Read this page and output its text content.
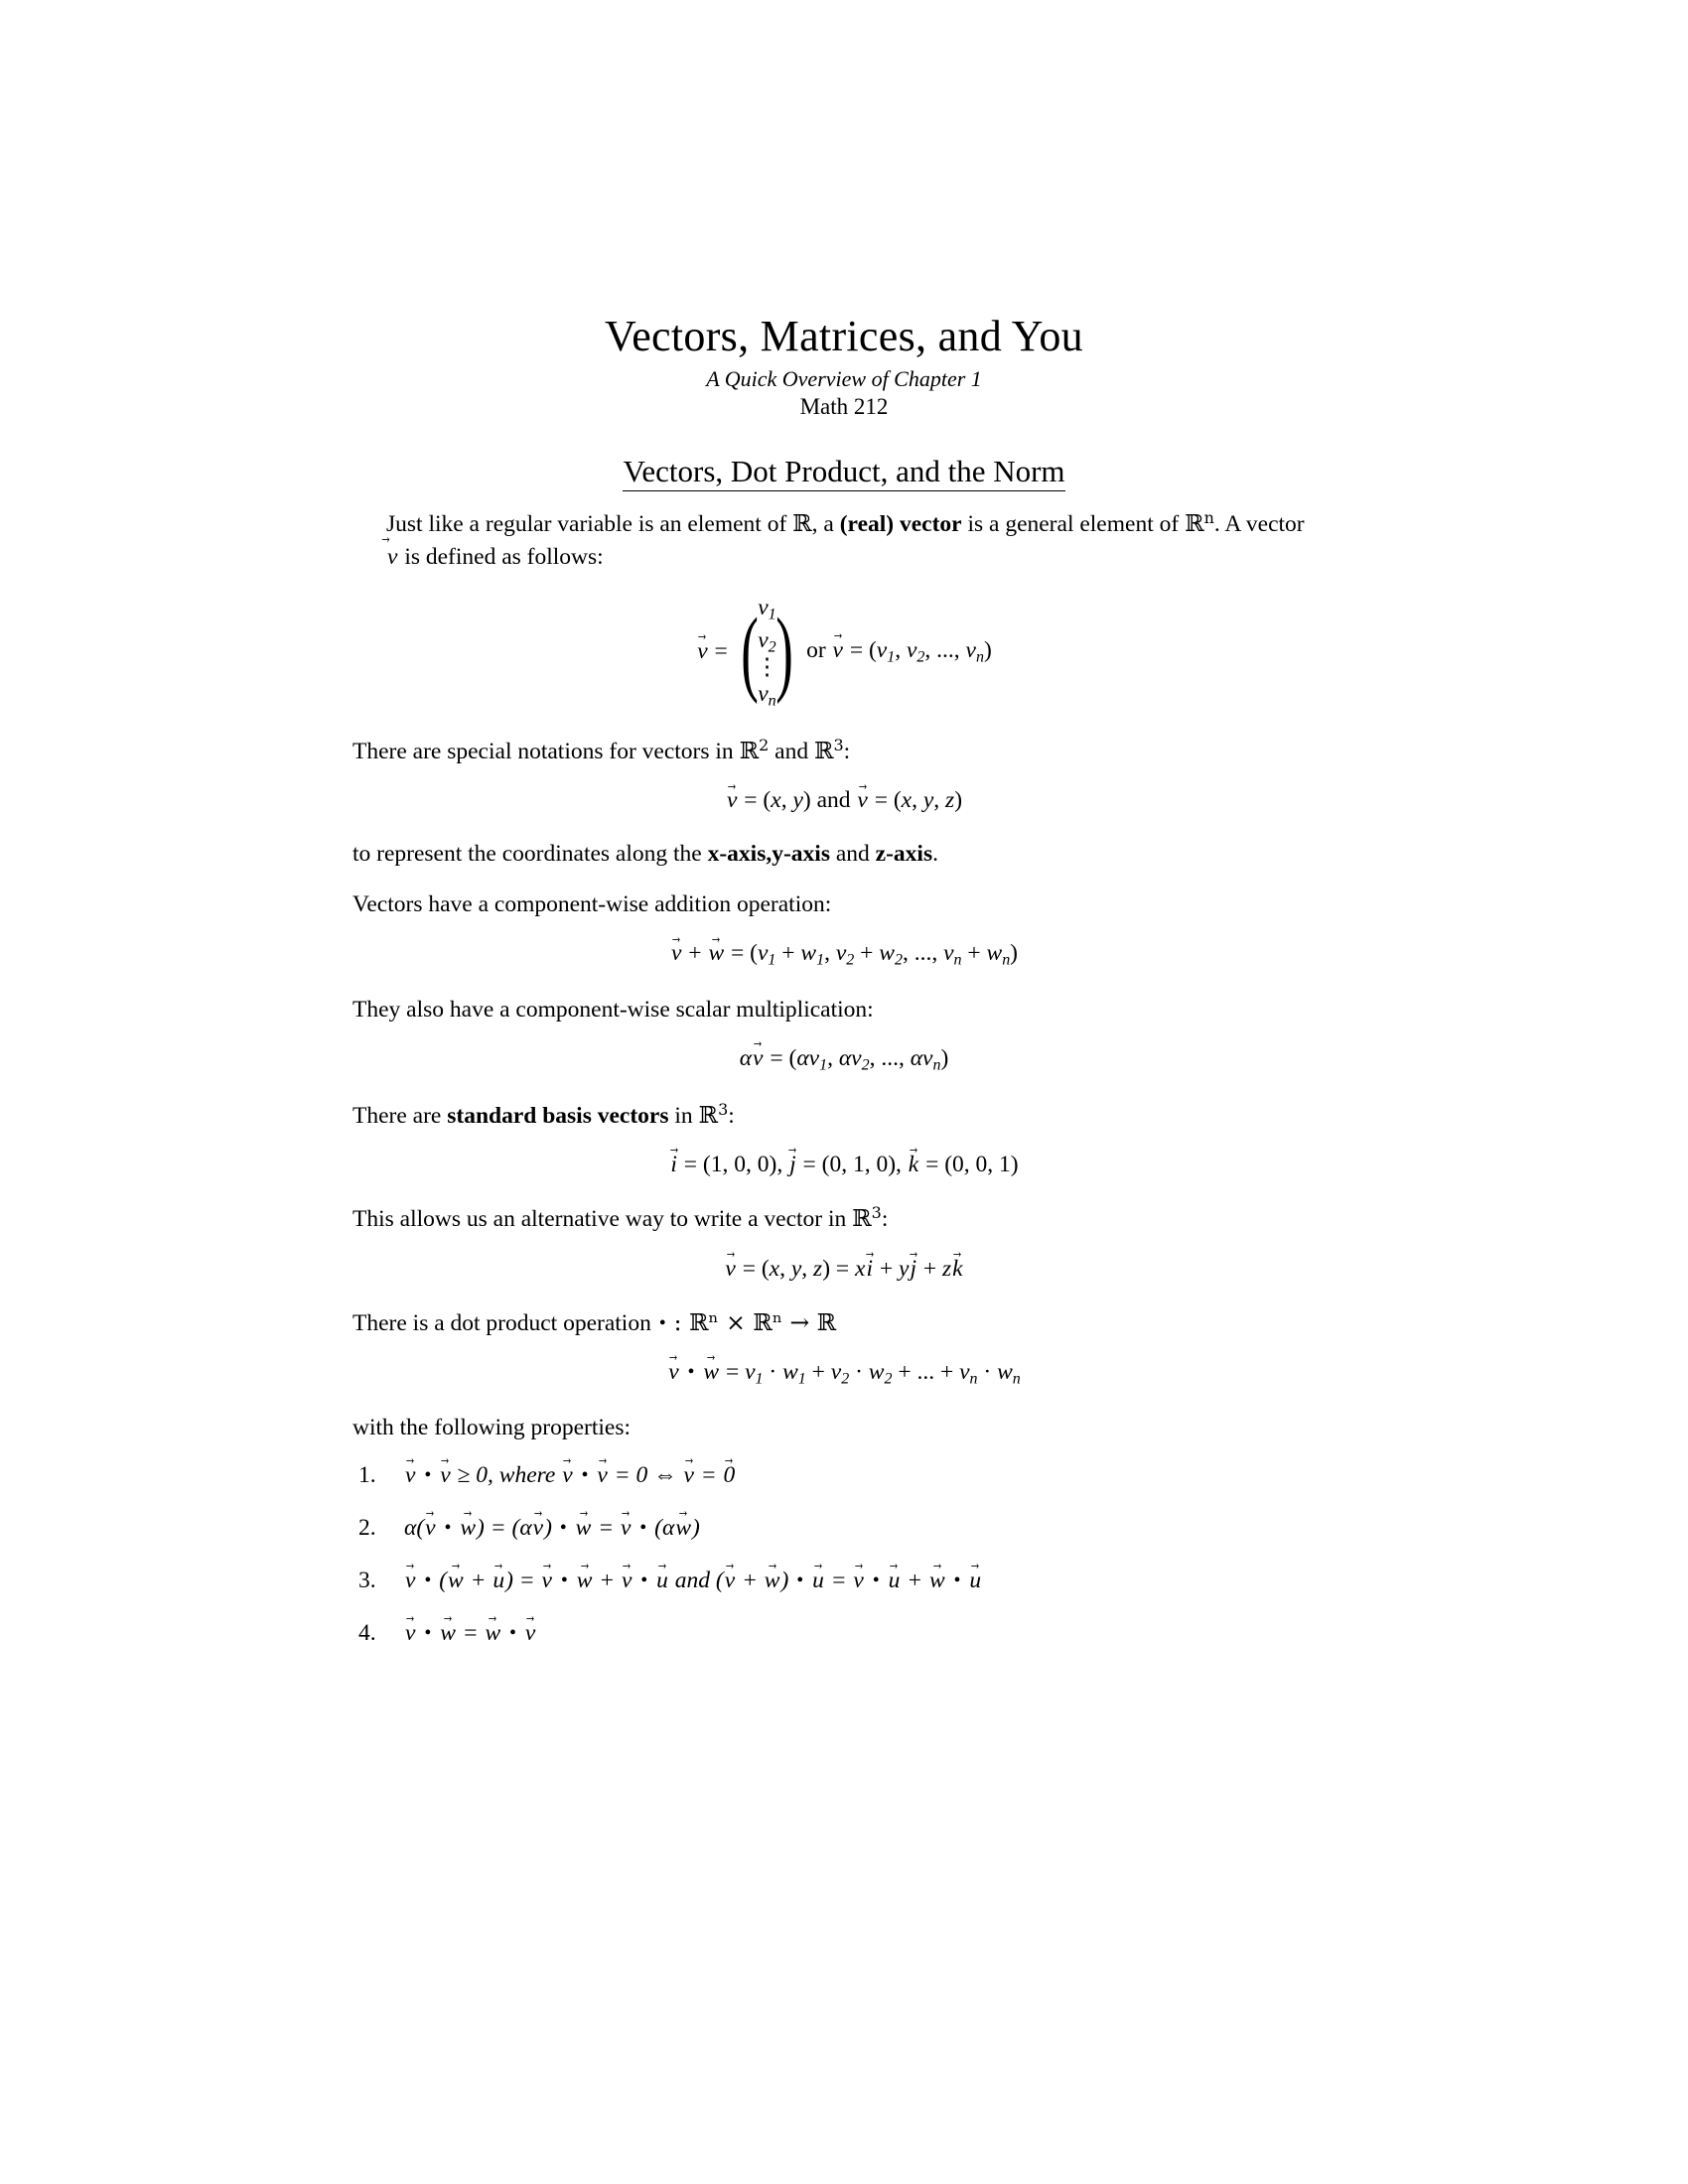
Vectors, Matrices, and You
A Quick Overview of Chapter 1
Math 212
Vectors, Dot Product, and the Norm

Just like a regular variable is an element of ℝ, a (real) vector is a general element of ℝ$^n$. A vector v → is defined as follows:

v → = ( $v_1$
$v_2$
⋮
$v_n$ ) or v → = ($v_1$, $v_2$, ..., $v_n$)

There are special notations for vectors in ℝ$^2$ and ℝ$^3$:

v → = (x, y) and v → = (x, y, z)

to represent the coordinates along the x-axis,y-axis and z-axis.

Vectors have a component-wise addition operation:

v → + w → = ($v_1 + w_1$, $v_2 + w_2$, ..., $v_n + w_n$)

They also have a component-wise scalar multiplication:

αv → = ($\alpha v_1$, $\alpha v_2$, ..., $\alpha v_n$)

There are standard basis vectors in ℝ$^3$:

i → = (1, 0, 0), j → = (0, 1, 0), k → = (0, 0, 1)

This allows us an alternative way to write a vector in ℝ$^3$:

v → = (x, y, z) = xi → + yj → + zk →

There is a dot product operation • : ℝⁿ × ℝⁿ → ℝ

v → • w → = $v_1 \cdot w_1 + v_2 \cdot w_2$ + ... + $v_n \cdot w_n$

with the following properties:

1. v → • v → ≥ 0, where v → • v → = 0 ⇔ v → = 0 →
2. α(v → • w →) = (αv →) • w → = v → • (αw →)
3. v → • (w → + u →) = v → • w → + v → • u → and (v → + w →) • u → = v → • u → + w → • u →
4. v → • w → = w → • v →
